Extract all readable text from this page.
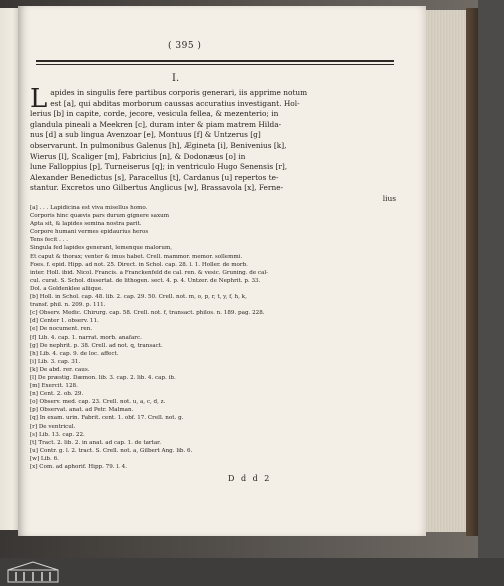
( 395 )
I.
L apides in singulis fere partibus corporis generari, iis apprime notum
est [a], qui abditas morborum caussas accuratius investigant. Hol-
lerius [b] in capite, corde, jecore, vesicula fellea, & mezenterio; in
glandula pineali a Meekren [c], duram inter & piam matrem Hilda-
nus [d] a sub lingua Avenzoar [e], Montuus [f] & Untzerus [g]
observarunt. In pulmonibus Galenus [h], Ægineta [i], Benivenius [k],
Wierus [l], Scaliger [m], Fabricius [n], & Dodonæus [o] in
lune Falloppius [p], Turneiserus [q]; in ventriculo Hugo Senensis [r],
Alexander Benedictus [s], Paracellus [t], Cardanus [u] repertos te-
stantur. Excretos uno Gilbertus Anglicus [w], Brassavola [x], Ferne-
lius
[a] . . . Lapidicina est viva misellus homo.
Corporis hinc quævis pars durum gignere saxum
Apta sit, & lapides semina nostra parit.
Corpore humani vermes epidaurius heros
Tens fecit . . .
Singula fed lapides generant, lemenque malorum,
Et caput & thorax; venter & imus habet. Crell. mammor. memor. sollemmi.
Foes. f. epid. Hipp. ad not. 25. Direct. in Schol. cap. 28. l. 1. Holler. de morb.
inter. Holl. ibid. Nicol. Francis. a Franckenfeld de cal. ren. & vesic. Gruning. de cal-
cul. curat. S. Schol. dissertat. de lithogen. sect. 4. p. 4. Untzer. de Nephrit. p. 33.
Dol. a Goldenklee aliique.
[b] Holl. in Schol. cap. 48. lib. 2. cap. 29. 50. Crell. not. m, o, p, r, t, y, f, h, k,
transf. phil. n. 209. p. 111.
[c] Observ. Medic. Chirurg. cap. 58. Crell. not. f, transact. philos. n. 189. pag. 228.
[d] Center 1. observ. 11.
[e] De nocument. ren.
[f] Lib. 4. cap. 1. narrat. morb. anafarc.
[g] De nephrit. p. 38. Crell. ad not. q, transact.
[h] Lib. 4. cap. 9. de loc. affect.
[i] Lib. 3. cap. 31.
[k] De abd. rer. caus.
[l] De præstig. Dæmon. lib. 3. cap. 2. lib. 4. cap. ib.
[m] Exercit. 128.
[n] Cent. 2. ob. 29.
[o] Observ. med. cap. 23. Crell. not. u, a, c, d, z.
[p] Observat. anat. ad Petr. Malman.
[q] In exam. urin. Fabrit. cent. 1. obf. 17. Crell. not. g.
[r] De ventricul.
[s] Lib. 13. cap. 22.
[t] Tract. 2. lib. 2. in anat. ad cap. 1. de tartar.
[u] Contr. g. l. 2. tract. S. Crell. not. a, Gilbert Ang. lib. 6.
[w] Lib. 6.
[x] Com. ad aphorif. Hipp. 79. l. 4.
D d d 2
